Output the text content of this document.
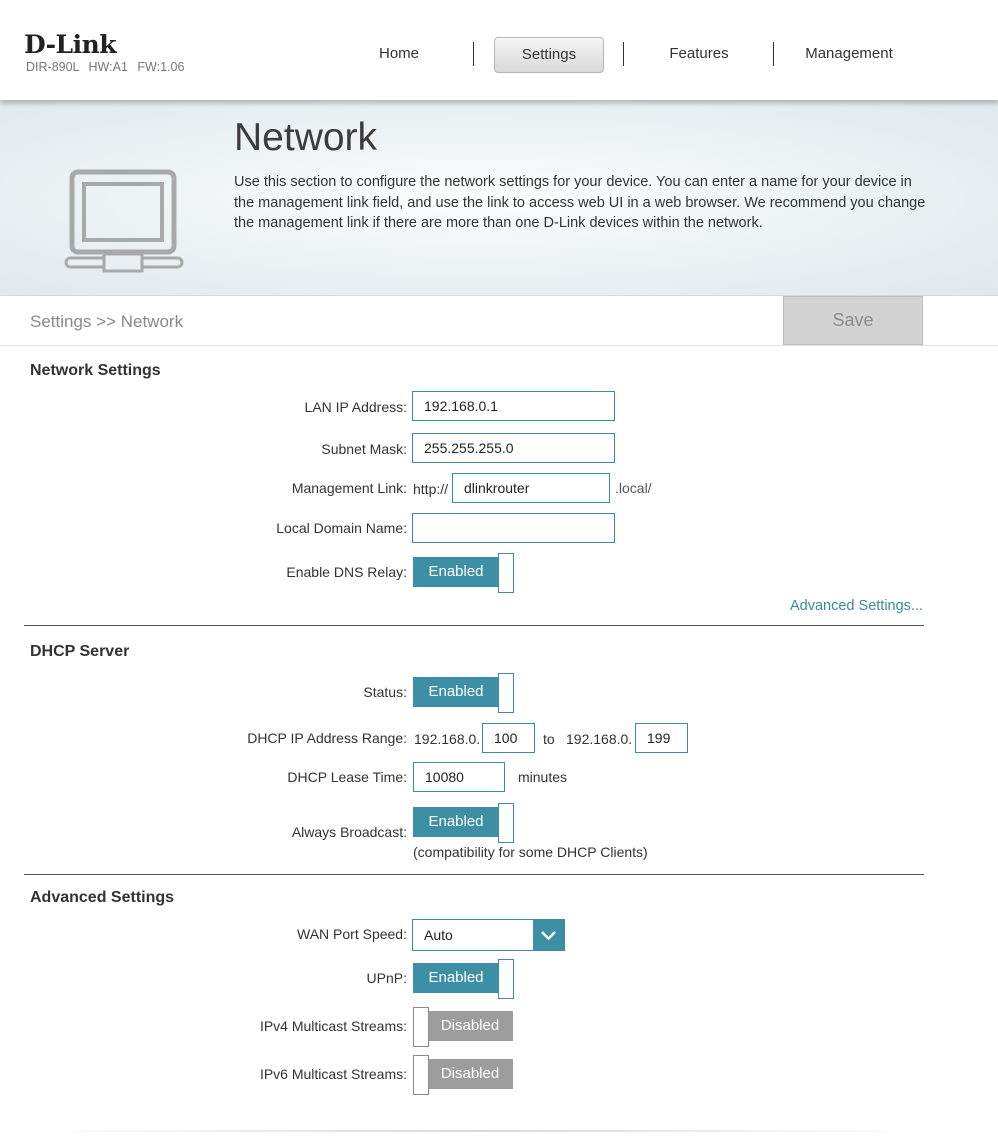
D-Link
DIR-890L HW:A1 FW:1.06
Home	Settings	Features	Management
Network

Use this section to configure the network settings for your device. You can enter a name for your device in the management link field, and use the link to access web UI in a web browser. We recommend you change the management link if there are more than one D-Link devices within the network.

Settings >> Network	Save
Network Settings
LAN IP Address:	192.168.0.1
Subnet Mask:	255.255.255.0
Management Link: http://	dlinkrouter	.local/
Local Domain Name:
Enable DNS Relay:	Enabled
Advanced Settings...
DHCP Server
Status:	Enabled
DHCP IP Address Range: 192.168.0. 100	to 192.168.0.	199
DHCP Lease Time:	10080	minutes
Always Broadcast:
Enabled
(compatibility for some DHCP Clients)
Advanced Settings
WAN Port Speed: Auto
UPnP:	Enabled
IPv4 Multicast Streams:	Disabled
IPv6 Multicast Streams:	Disabled
